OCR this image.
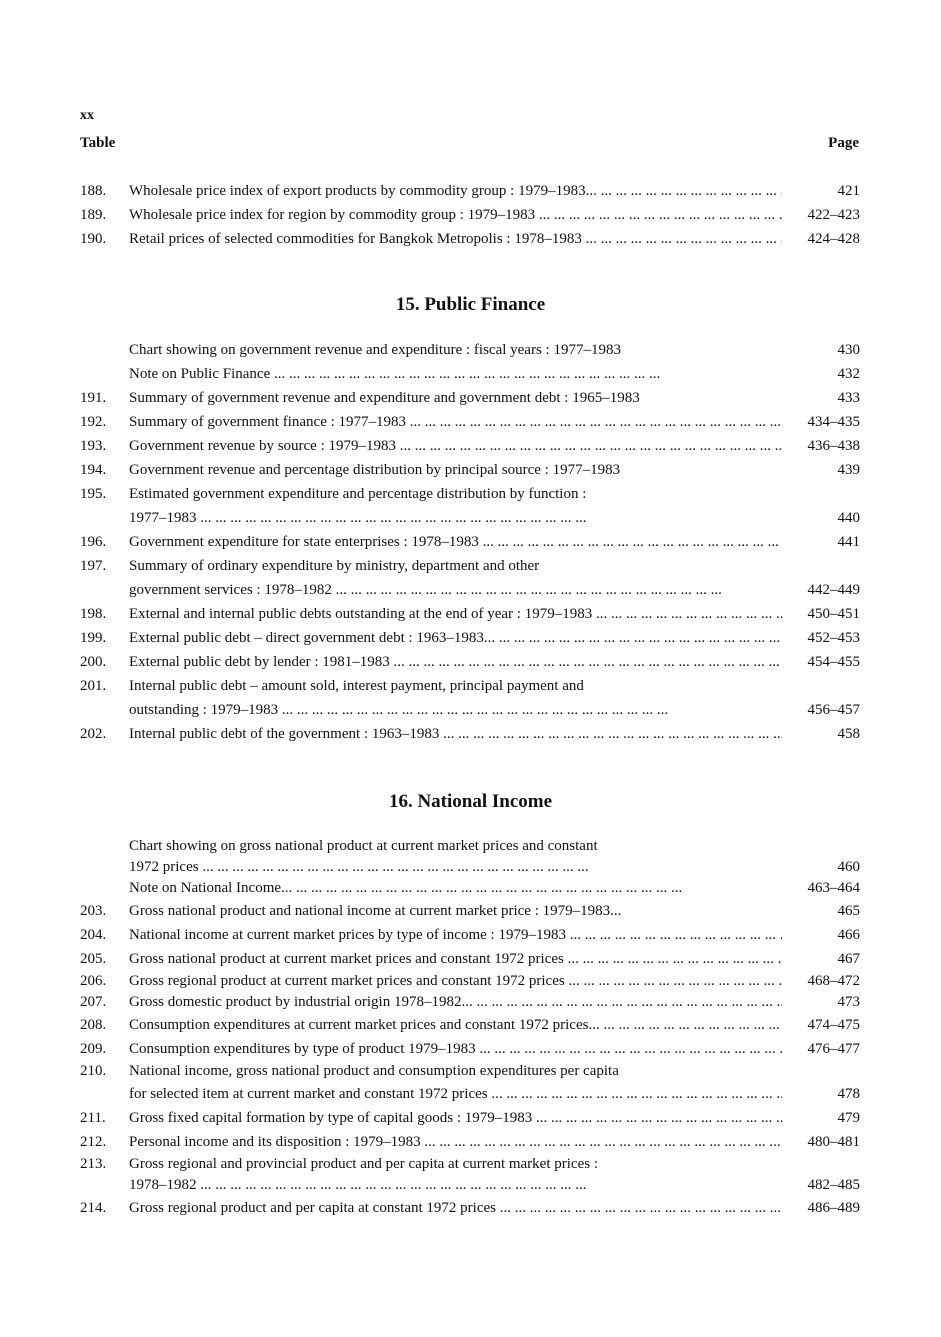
xx
Table	Page
188.	Wholesale price index of export products by commodity group : 1979–1983... ... .	421
189.	Wholesale price index for region by commodity group : 1979–1983 ... .	422–423
190.	Retail prices of selected commodities for Bangkok Metropolis : 1978–1983 ... .	424–428
15. Public Finance
Chart showing on government revenue and expenditure : fiscal years : 1977–1983	430
Note on Public Finance ... .	432
191.	Summary of government revenue and expenditure and government debt : 1965–1983	433
192.	Summary of government finance : 1977–1983 ... .	434–435
193.	Government revenue by source : 1979–1983 ... .	436–438
194.	Government revenue and percentage distribution by principal source : 1977–1983	439
195.	Estimated government expenditure and percentage distribution by function :
1977–1983 ... .	440
196.	Government expenditure for state enterprises : 1978–1983 ... .	441
197.	Summary of ordinary expenditure by ministry, department and other
government services : 1978–1982 ... .	442–449
198.	External and internal public debts outstanding at the end of year : 1979–1983 ... .	450–451
199.	External public debt – direct government debt : 1963–1983... ... .	452–453
200.	External public debt by lender : 1981–1983 ... .	454–455
201.	Internal public debt – amount sold, interest payment, principal payment and
outstanding : 1979–1983 ... .	456–457
202.	Internal public debt of the government : 1963–1983 ... .	458
16. National Income
Chart showing on gross national product at current market prices and constant
1972 prices ... .	460
Note on National Income... ... .	463–464
203.	Gross national product and national income at current market price : 1979–1983...	465
204.	National income at current market prices by type of income : 1979–1983 ... .	466
205.	Gross national product at current market prices and constant 1972 prices ... .	467
206.	Gross regional product at current market prices and constant 1972 prices ... .	468–472
207.	Gross domestic product by industrial origin 1978–1982... ... .	473
208.	Consumption expenditures at current market prices and constant 1972 prices... ... .	474–475
209.	Consumption expenditures by type of product 1979–1983 ... .	476–477
210.	National income, gross national product and consumption expenditures per capita
for selected item at current market and constant 1972 prices ... .	478
211.	Gross fixed capital formation by type of capital goods : 1979–1983 ... .	479
212.	Personal income and its disposition : 1979–1983 ... .	480–481
213.	Gross regional and provincial product and per capita at current market prices :
1978–1982 ... .	482–485
214.	Gross regional product and per capita at constant 1972 prices ... .	486–489
